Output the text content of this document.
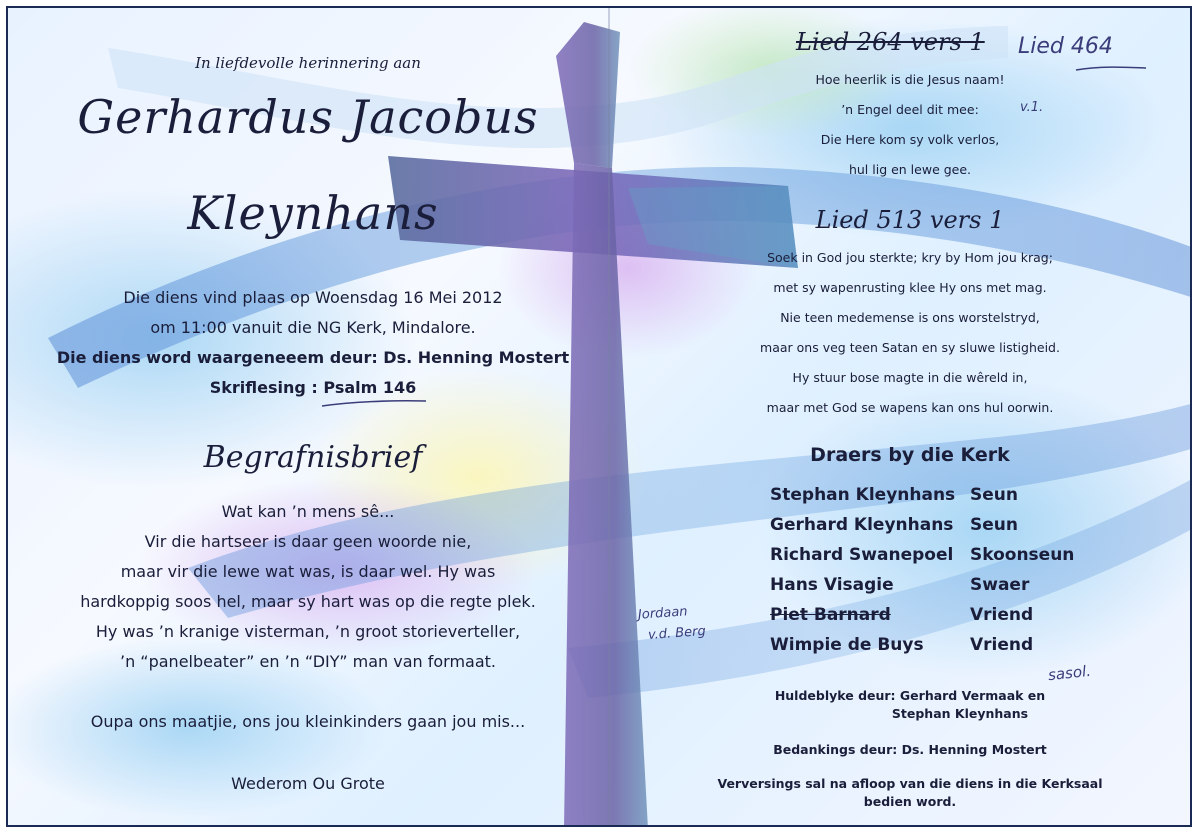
In liefdevolle herinnering aan
Gerhardus Jacobus
Kleynhans
Die diens vind plaas op Woensdag 16 Mei 2012
om 11:00 vanuit die NG Kerk, Mindalore.
Die diens word waargeneeem deur: Ds. Henning Mostert
Skriflesing : Psalm 146
Begrafnisbrief
Wat kan ’n mens sê...
Vir die hartseer is daar geen woorde nie,
maar vir die lewe wat was, is daar wel. Hy was
hardkoppig soos hel, maar sy hart was op die regte plek.
Hy was ’n kranige visterman, ’n groot storieverteller,
’n “panelbeater” en ’n “DIY” man van formaat.
Oupa ons maatjie, ons jou kleinkinders gaan jou mis...
Wederom Ou Grote
Lied 264 vers 1	Lied 464
v.1.
Hoe heerlik is die Jesus naam!
’n Engel deel dit mee:
Die Here kom sy volk verlos,
hul lig en lewe gee.
Lied 513 vers 1
Soek in God jou sterkte; kry by Hom jou krag;
met sy wapenrusting klee Hy ons met mag.
Nie teen medemense is ons worstelstryd,
maar ons veg teen Satan en sy sluwe listigheid.
Hy stuur bose magte in die wêreld in,
maar met God se wapens kan ons hul oorwin.
Draers by die Kerk
Stephan Kleynhans	Seun
Gerhard Kleynhans	Seun
Richard Swanepoel	Skoonseun
Hans Visagie	Swaer
Piet Barnard	Vriend
Wimpie de Buys	Vriend
Jordaan
v.d. Berg
sasol.
Huldeblyke deur: Gerhard Vermaak en
Stephan Kleynhans
Bedankings deur: Ds. Henning Mostert
Verversings sal na afloop van die diens in die Kerksaal
bedien word.
